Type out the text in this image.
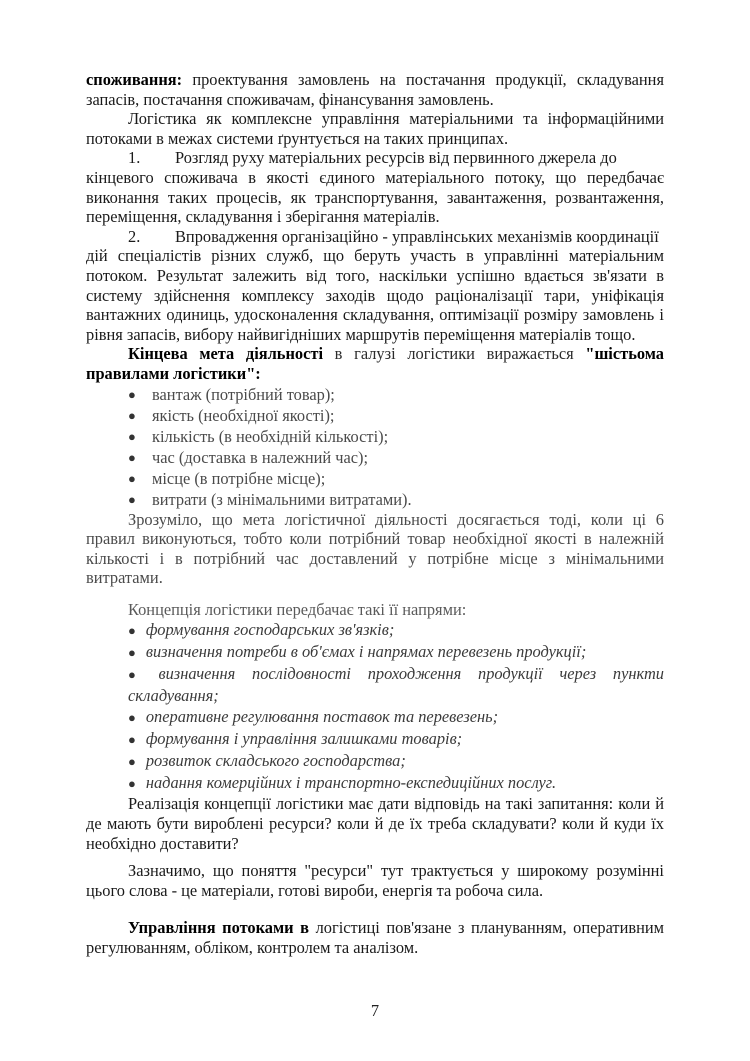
споживання: проектування замовлень на постачання продукції, складування запасів, постачання споживачам, фінансування замовлень.

Логістика як комплексне управління матеріальними та інформаційними потоками в межах системи ґрунтується на таких принципах.

1.	Розгляд руху матеріальних ресурсів від первинного джерела до

кінцевого споживача в якості єдиного матеріального потоку, що передбачає виконання таких процесів, як транспортування, завантаження, розвантаження, переміщення, складування і зберігання матеріалів.

2.	Впровадження організаційно - управлінських механізмів координації

дій спеціалістів різних служб, що беруть участь в управлінні матеріальним потоком. Результат залежить від того, наскільки успішно вдається зв'язати в систему здійснення комплексу заходів щодо раціоналізації тари, уніфікація вантажних одиниць, удосконалення складування, оптимізації розміру замовлень і рівня запасів, вибору найвигідніших маршрутів переміщення матеріалів тощо.

Кінцева мета діяльності в галузі логістики виражається "шістьома правилами логістики":

● вантаж (потрібний товар);
● якість (необхідної якості);
● кількість (в необхідній кількості);
● час (доставка в належний час);
● місце (в потрібне місце);
● витрати (з мінімальними витратами).

Зрозуміло, що мета логістичної діяльності досягається тоді, коли ці 6 правил виконуються, тобто коли потрібний товар необхідної якості в належній кількості і в потрібний час доставлений у потрібне місце з мінімальними витратами.

Концепція логістики передбачає такі її напрями:

● формування господарських зв'язків;
● визначення потреби в об'ємах і напрямах перевезень продукції;
● визначення послідовності проходження продукції через пункти складування;
● оперативне регулювання поставок та перевезень;
● формування і управління залишками товарів;
● розвиток складського господарства;
● надання комерційних і транспортно-експедиційних послуг.

Реалізація концепції логістики має дати відповідь на такі запитання: коли й де мають бути вироблені ресурси? коли й де їх треба складувати? коли й куди їх необхідно доставити?

Зазначимо, що поняття "ресурси" тут трактується у широкому розумінні цього слова - це матеріали, готові вироби, енергія та робоча сила.

Управління потоками в логістиці пов'язане з плануванням, оперативним регулюванням, обліком, контролем та аналізом.

7
